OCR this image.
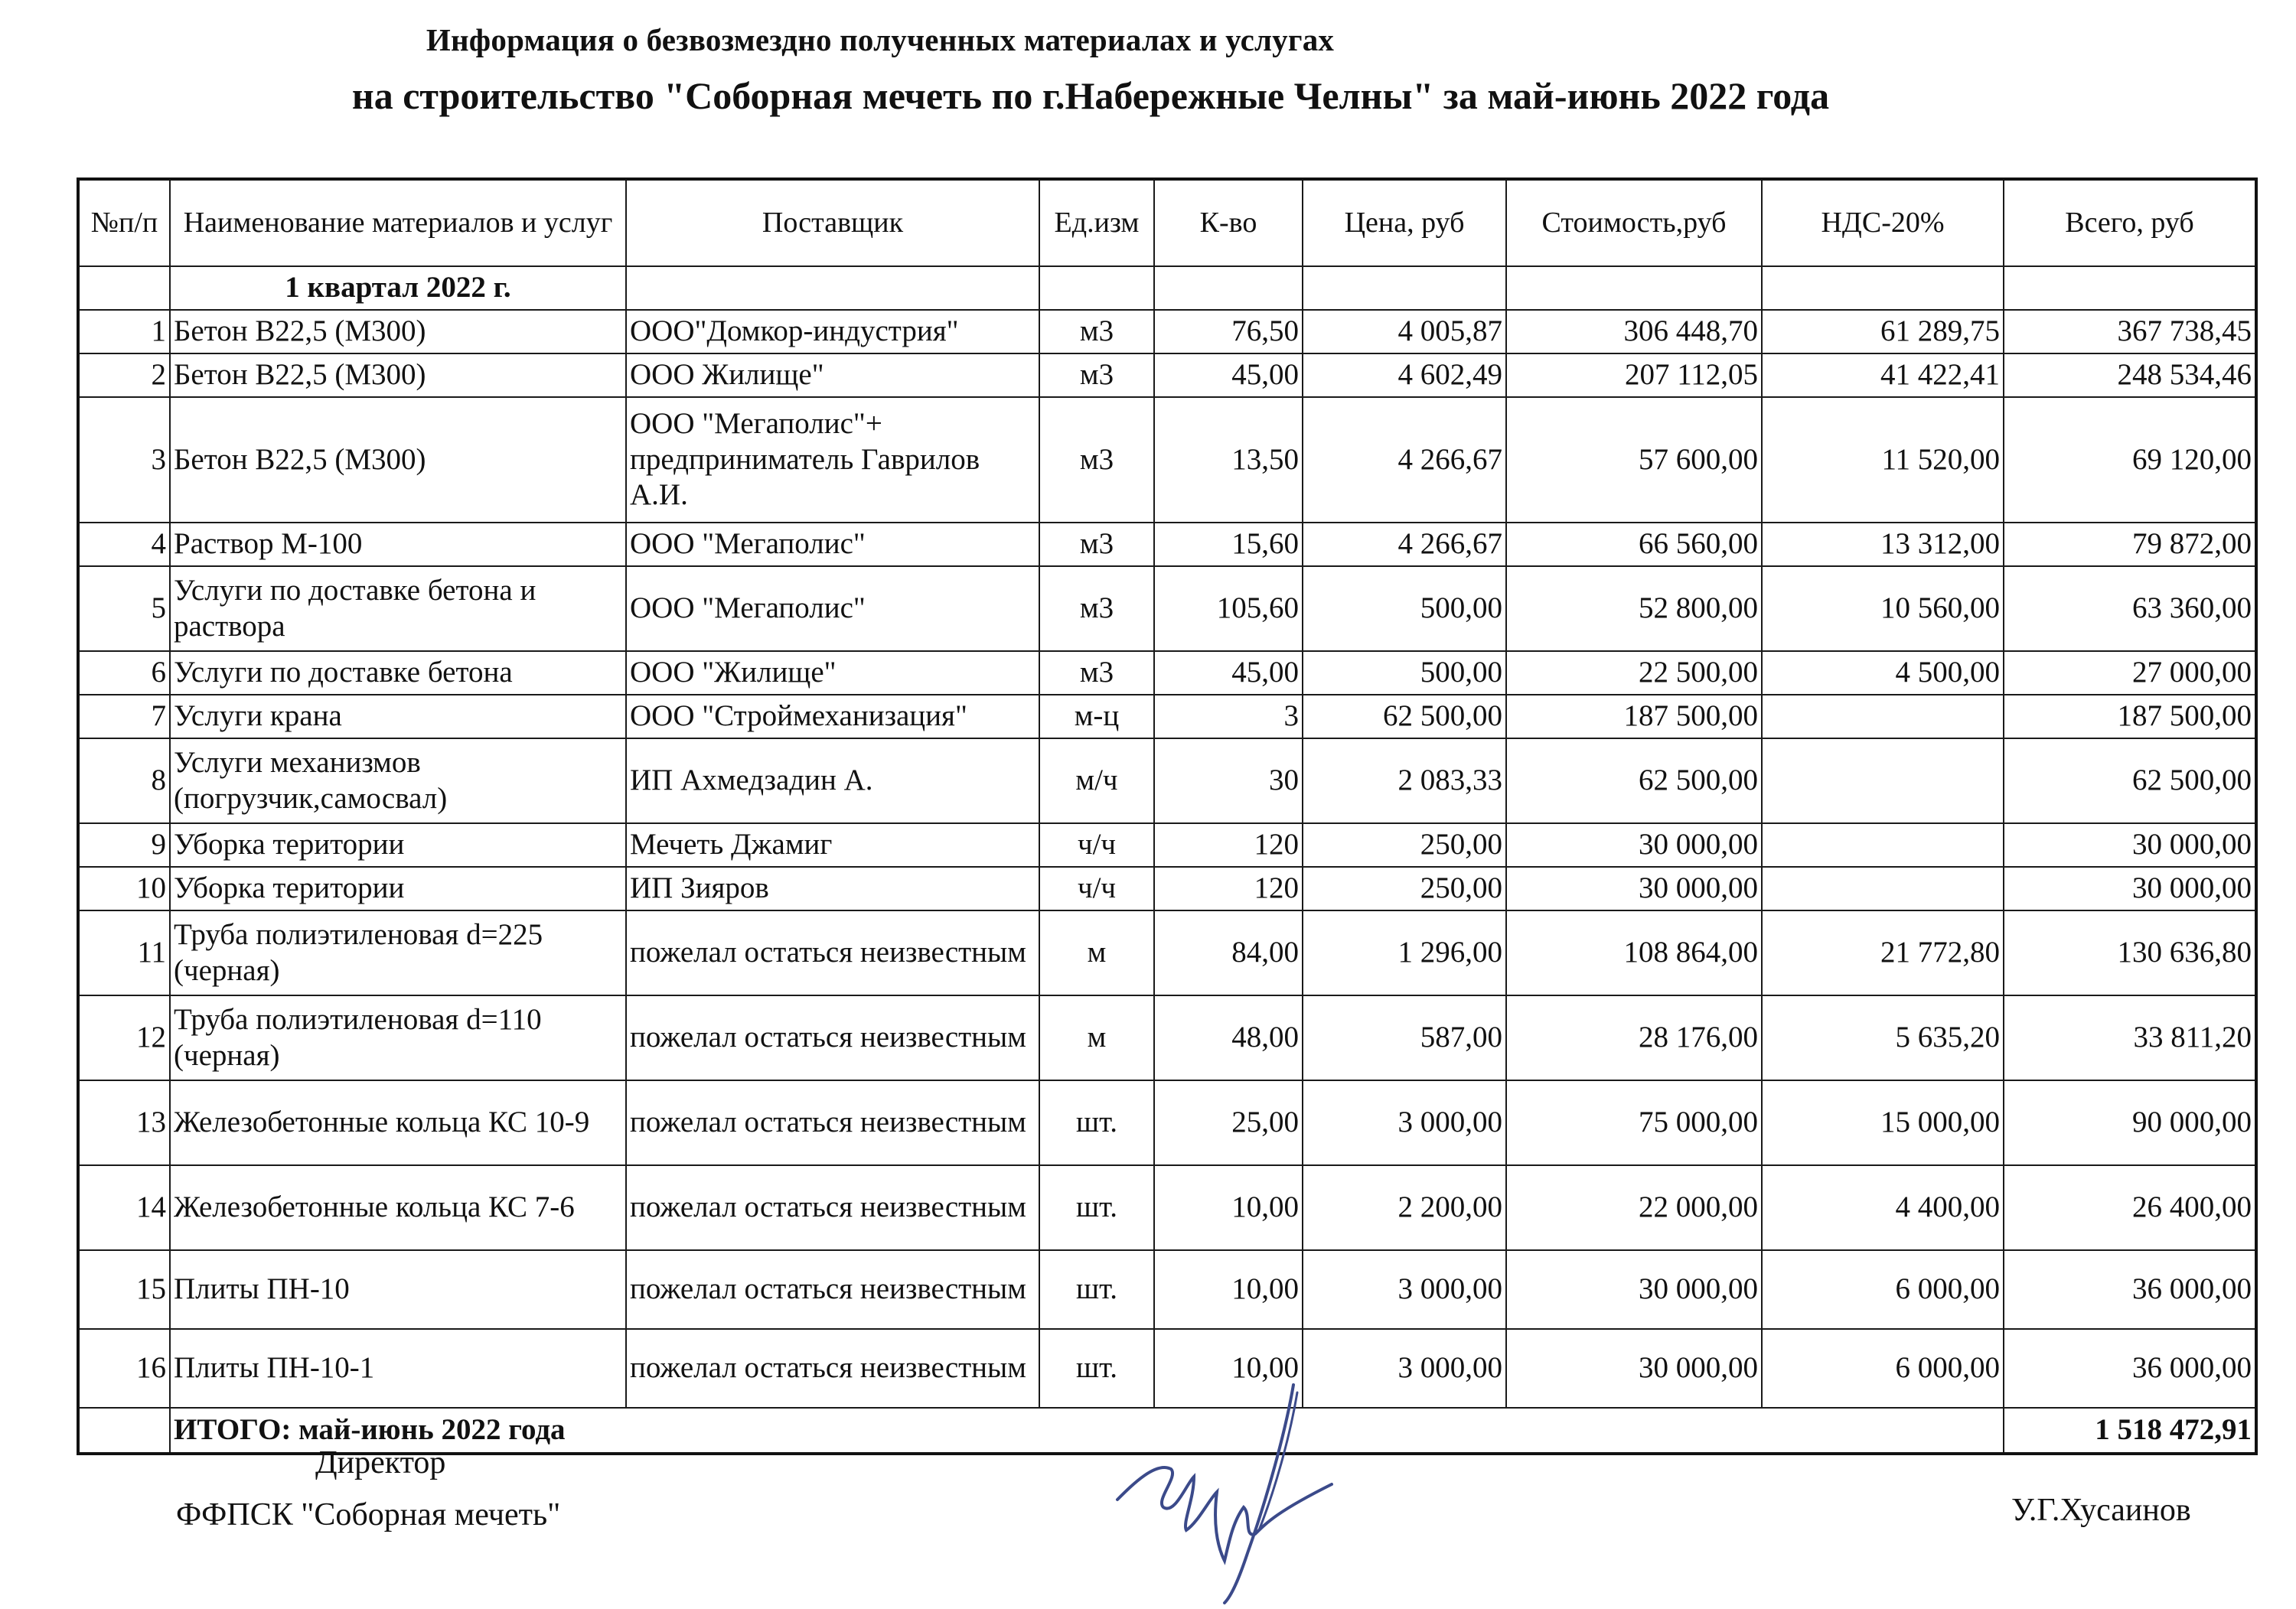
Информация о безвозмездно полученных материалах и услугах
на строительство "Соборная мечеть по г.Набережные Челны" за май-июнь 2022 года
№п/п	Наименование материалов и услуг	Поставщик	Ед.изм	К-во	Цена, руб	Стоимость,руб	НДС-20%	Всего, руб
	1 квартал 2022 г.							
1	Бетон В22,5 (М300)	ООО"Домкор-индустрия"	м3	76,50	4 005,87	306 448,70	61 289,75	367 738,45
2	Бетон В22,5 (М300)	ООО Жилище"	м3	45,00	4 602,49	207 112,05	41 422,41	248 534,46
3	Бетон В22,5 (М300)	ООО "Мегаполис"+ предприниматель Гаврилов А.И.	м3	13,50	4 266,67	57 600,00	11 520,00	69 120,00
4	Раствор М-100	ООО "Мегаполис"	м3	15,60	4 266,67	66 560,00	13 312,00	79 872,00
5	Услуги по доставке бетона и раствора	ООО "Мегаполис"	м3	105,60	500,00	52 800,00	10 560,00	63 360,00
6	Услуги по доставке бетона	ООО "Жилище"	м3	45,00	500,00	22 500,00	4 500,00	27 000,00
7	Услуги крана	ООО "Строймеханизация"	м-ц	3	62 500,00	187 500,00		187 500,00
8	Услуги механизмов (погрузчик,самосвал)	ИП Ахмедзадин А.	м/ч	30	2 083,33	62 500,00		62 500,00
9	Уборка територии	Мечеть Джамиг	ч/ч	120	250,00	30 000,00		30 000,00
10	Уборка територии	ИП Зияров	ч/ч	120	250,00	30 000,00		30 000,00
11	Труба полиэтиленовая d=225 (черная)	пожелал остаться неизвестным	м	84,00	1 296,00	108 864,00	21 772,80	130 636,80
12	Труба полиэтиленовая d=110 (черная)	пожелал остаться неизвестным	м	48,00	587,00	28 176,00	5 635,20	33 811,20
13	Железобетонные кольца КС 10-9	пожелал остаться неизвестным	шт.	25,00	3 000,00	75 000,00	15 000,00	90 000,00
14	Железобетонные кольца КС 7-6	пожелал остаться неизвестным	шт.	10,00	2 200,00	22 000,00	4 400,00	26 400,00
15	Плиты ПН-10	пожелал остаться неизвестным	шт.	10,00	3 000,00	30 000,00	6 000,00	36 000,00
16	Плиты ПН-10-1	пожелал остаться неизвестным	шт.	10,00	3 000,00	30 000,00	6 000,00	36 000,00
	ИТОГО: май-июнь 2022 года							1 518 472,91
Директор
ФФПСК "Соборная мечеть"	У.Г.Хусаинов
